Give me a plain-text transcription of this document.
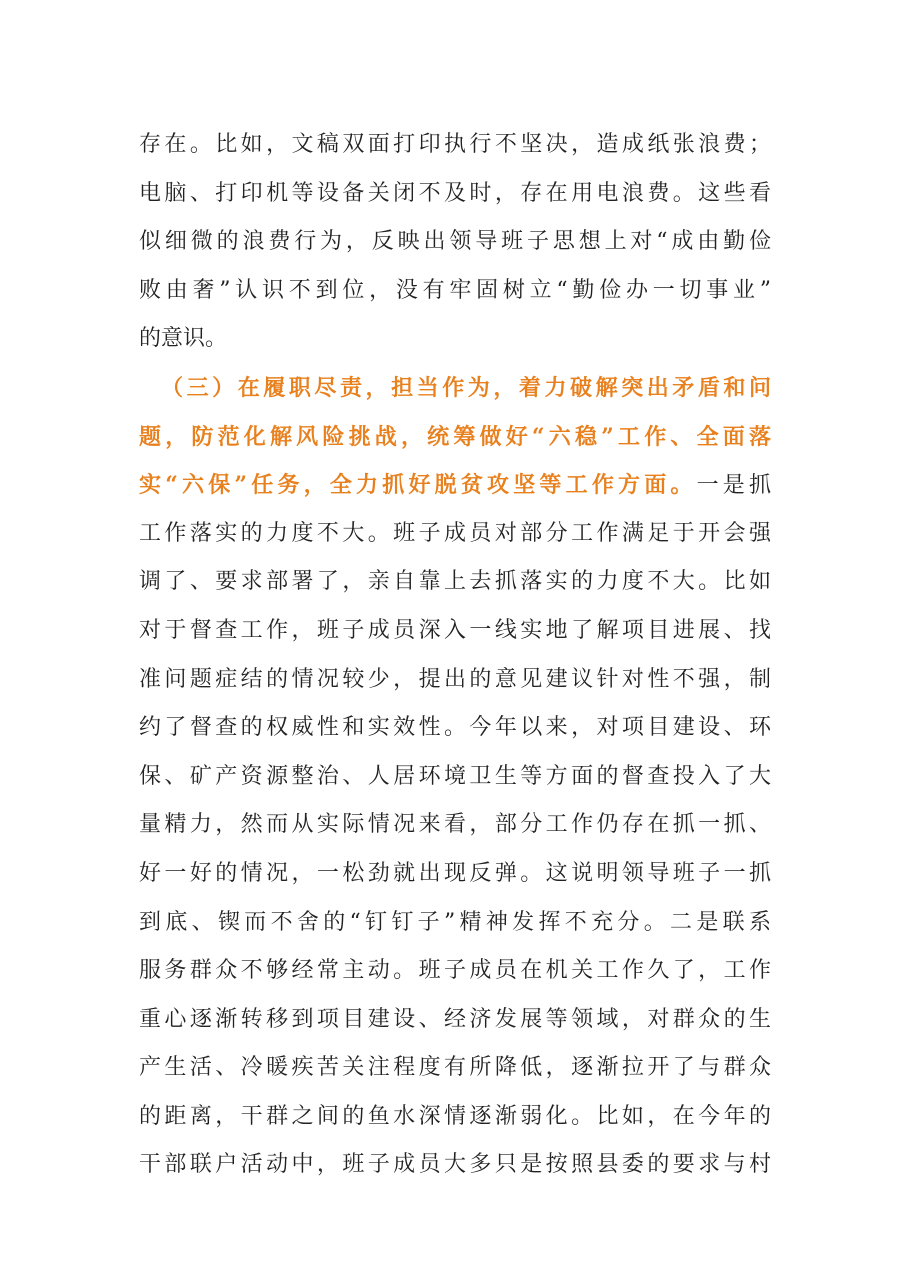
存在。比如，文稿双面打印执行不坚决，造成纸张浪费；
电脑、打印机等设备关闭不及时，存在用电浪费。这些看
似细微的浪费行为，反映出领导班子思想上对“成由勤俭
败由奢”认识不到位，没有牢固树立“勤俭办一切事业”
的意识。
（三）在履职尽责，担当作为，着力破解突出矛盾和问
题，防范化解风险挑战，统筹做好“六稳”工作、全面落
实“六保”任务，全力抓好脱贫攻坚等工作方面。一是抓
工作落实的力度不大。班子成员对部分工作满足于开会强
调了、要求部署了，亲自靠上去抓落实的力度不大。比如
对于督查工作，班子成员深入一线实地了解项目进展、找
准问题症结的情况较少，提出的意见建议针对性不强，制
约了督查的权威性和实效性。今年以来，对项目建设、环
保、矿产资源整治、人居环境卫生等方面的督查投入了大
量精力，然而从实际情况来看，部分工作仍存在抓一抓、
好一好的情况，一松劲就出现反弹。这说明领导班子一抓
到底、锲而不舍的“钉钉子”精神发挥不充分。二是联系
服务群众不够经常主动。班子成员在机关工作久了，工作
重心逐渐转移到项目建设、经济发展等领域，对群众的生
产生活、冷暖疾苦关注程度有所降低，逐渐拉开了与群众
的距离，干群之间的鱼水深情逐渐弱化。比如，在今年的
干部联户活动中，班子成员大多只是按照县委的要求与村
